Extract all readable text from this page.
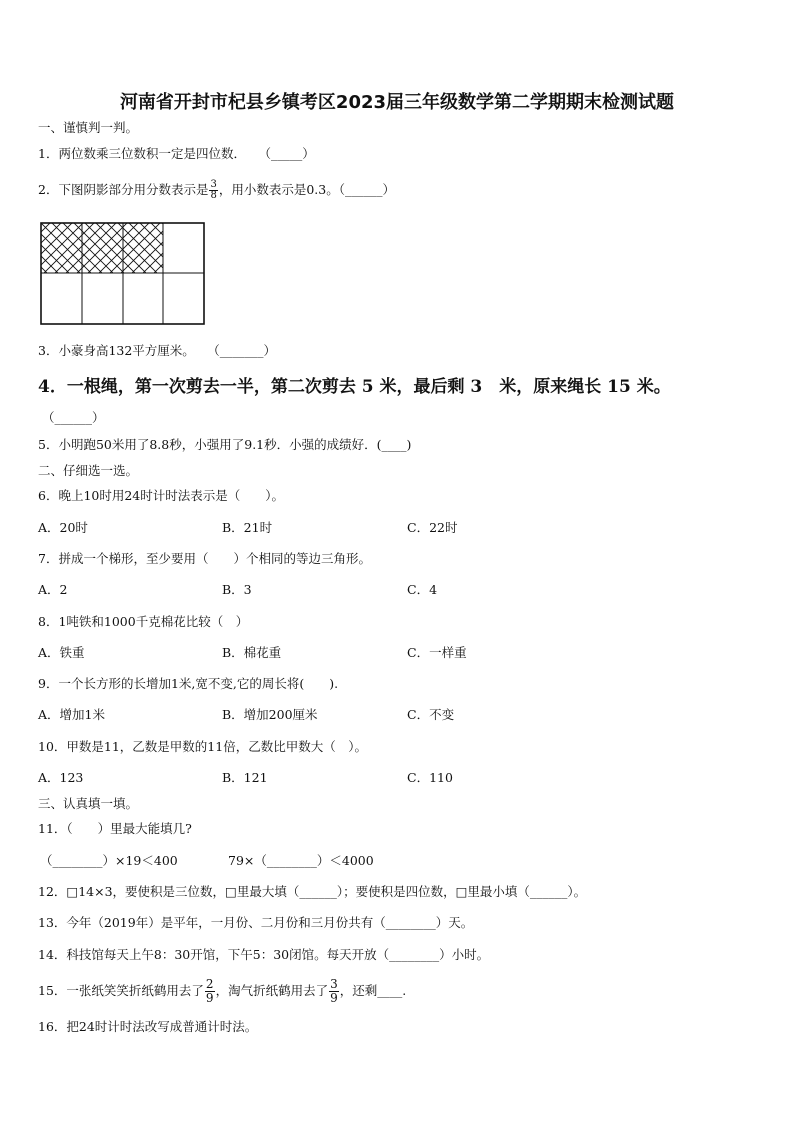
河南省开封市杞县乡镇考区2023届三年级数学第二学期期末检测试题
一、谨慎判一判。
1．两位数乘三位数积一定是四位数．　　（_____）
2．下图阴影部分用分数表示是 $\frac{3}{8}$ ，用小数表示是0.3。（______）
3．小豪身高132平方厘米。　　（_______）
4．一根绳，第一次剪去一半，第二次剪去 5 米，最后剩 3　米，原来绳长 15 米。
（______）
5．小明跑50米用了8.8秒，小强用了9.1秒．小强的成绩好．(____)
二、仔细选一选。
6．晚上10时用24时计时法表示是（　　）。
A．20时	B．21时	C．22时
7．拼成一个梯形，至少要用（　　）个相同的等边三角形。
A．2	B．3	C．4
8．1吨铁和1000千克棉花比较（　）
A．铁重	B．棉花重	C．一样重
9．一个长方形的长增加1米,宽不变,它的周长将(　　).
A．增加1米	B．增加200厘米	C．不变
10．甲数是11，乙数是甲数的11倍，乙数比甲数大（　）。
A．123	B．121	C．110
三、认真填一填。
11．（　　）里最大能填几?
（________）×19＜400	79×（________）＜4000
12．□14×3，要使积是三位数，□里最大填（______）；要使积是四位数，□里最小填（______）。
13．今年（2019年）是平年，一月份、二月份和三月份共有（________）天。
14．科技馆每天上午8：30开馆，下午5：30闭馆。每天开放（________）小时。
15．一张纸笑笑折纸鹤用去了 $\frac{2}{9}$ ，淘气折纸鹤用去了 $\frac{3}{9}$ ，还剩____.
16．把24时计时法改写成普通计时法。
